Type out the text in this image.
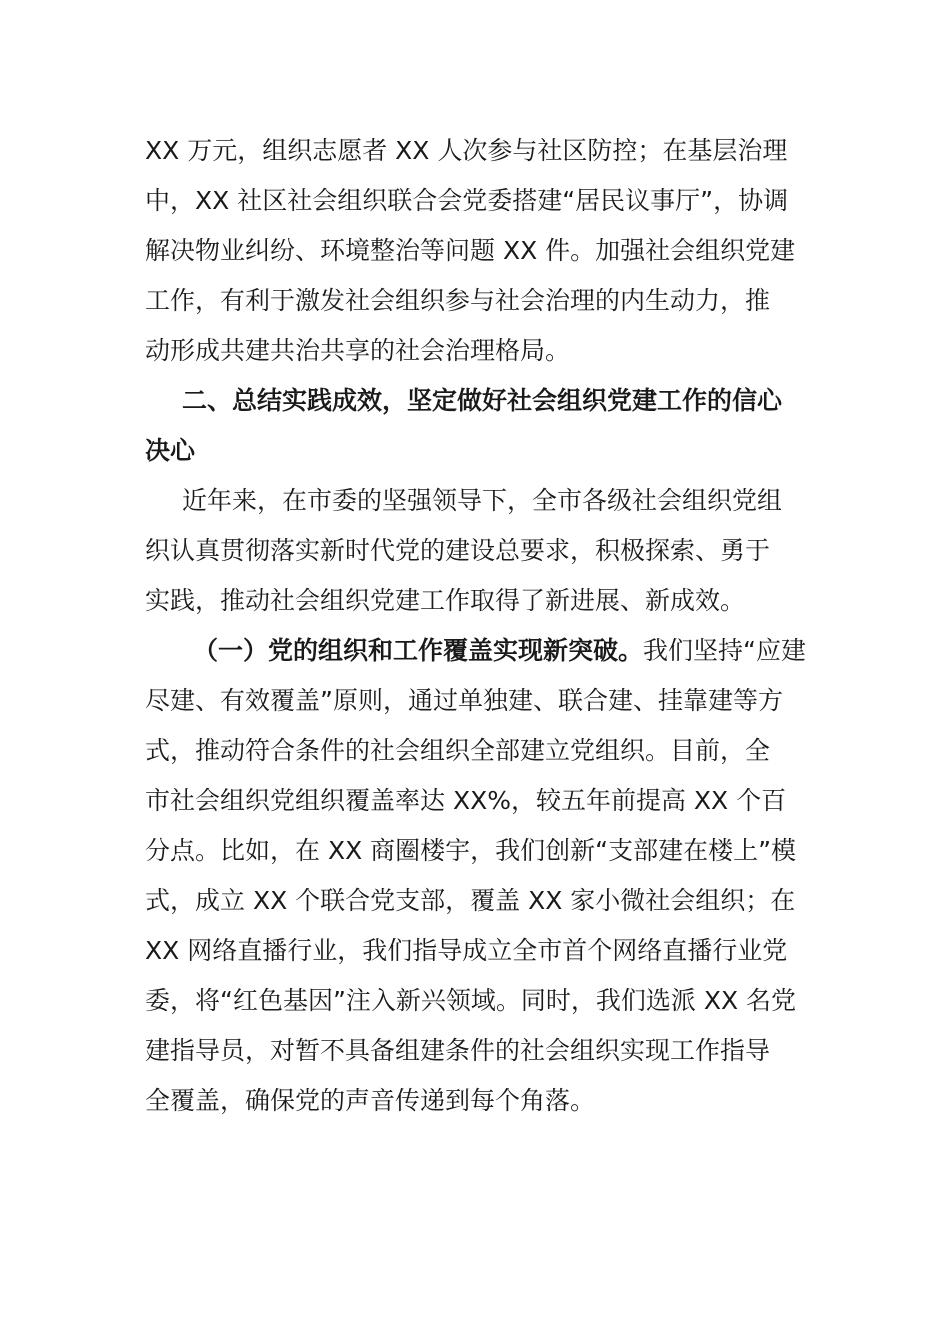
XX 万元，组织志愿者 XX 人次参与社区防控；在基层治理
中，XX 社区社会组织联合会党委搭建“居民议事厅”，协调
解决物业纠纷、环境整治等问题 XX 件。加强社会组织党建
工作，有利于激发社会组织参与社会治理的内生动力，推
动形成共建共治共享的社会治理格局。
二、总结实践成效，坚定做好社会组织党建工作的信心
决心
近年来，在市委的坚强领导下，全市各级社会组织党组
织认真贯彻落实新时代党的建设总要求，积极探索、勇于
实践，推动社会组织党建工作取得了新进展、新成效。
（一）党的组织和工作覆盖实现新突破。我们坚持“应建
尽建、有效覆盖”原则，通过单独建、联合建、挂靠建等方
式，推动符合条件的社会组织全部建立党组织。目前，全
市社会组织党组织覆盖率达 XX%，较五年前提高 XX 个百
分点。比如，在 XX 商圈楼宇，我们创新“支部建在楼上”模
式，成立 XX 个联合党支部，覆盖 XX 家小微社会组织；在
XX 网络直播行业，我们指导成立全市首个网络直播行业党
委，将“红色基因”注入新兴领域。同时，我们选派 XX 名党
建指导员，对暂不具备组建条件的社会组织实现工作指导
全覆盖，确保党的声音传递到每个角落。
